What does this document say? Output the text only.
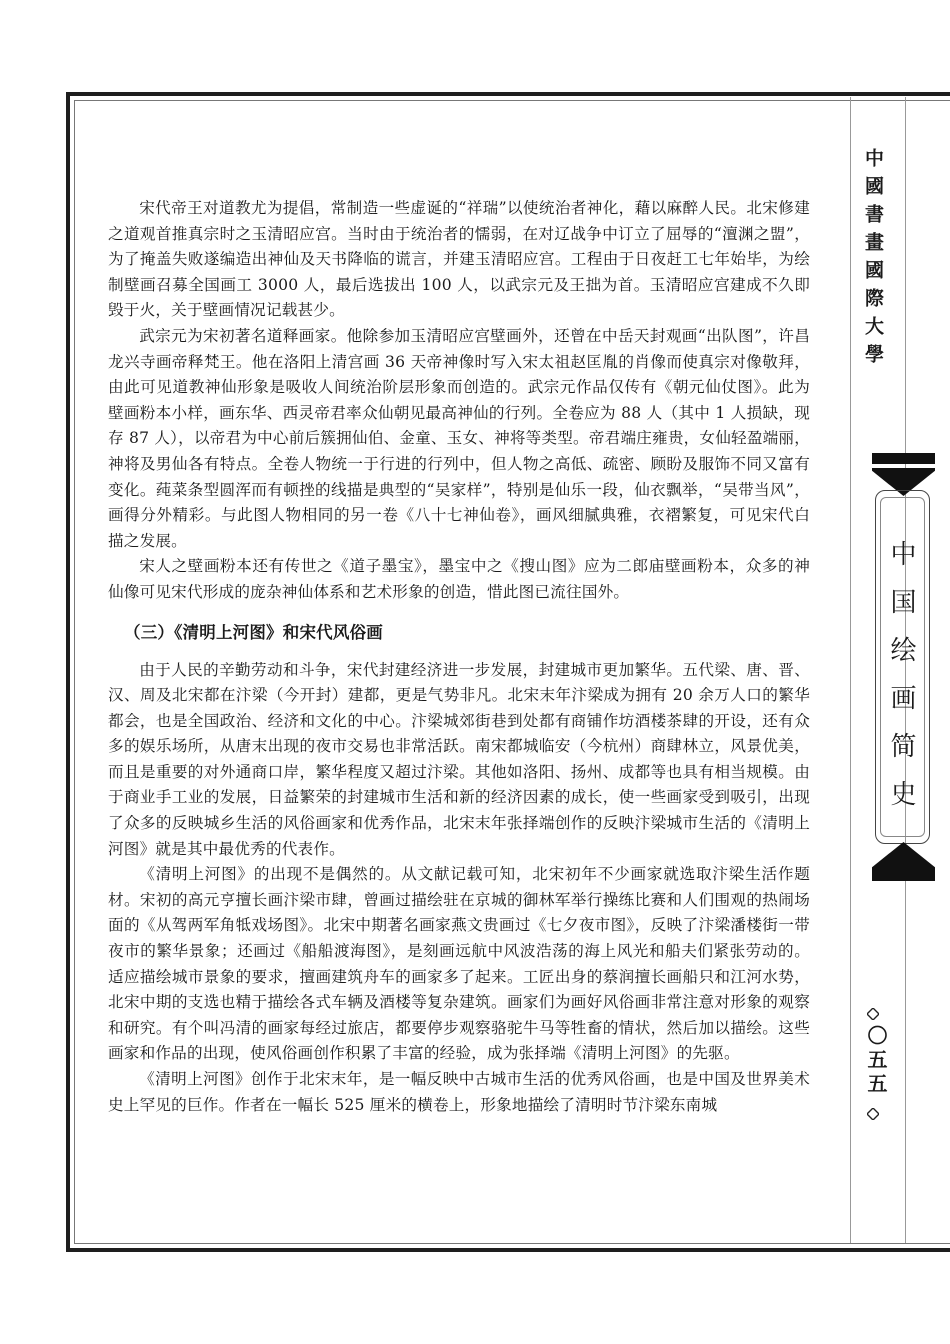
宋代帝王对道教尤为提倡，常制造一些虚诞的“祥瑞”以使统治者神化，藉以麻醉人民。北宋修建之道观首推真宗时之玉清昭应宫。当时由于统治者的懦弱，在对辽战争中订立了屈辱的“澶渊之盟”，为了掩盖失败遂编造出神仙及天书降临的谎言，并建玉清昭应宫。工程由于日夜赶工七年始毕，为绘制壁画召募全国画工 3000 人，最后选拔出 100 人，以武宗元及王拙为首。玉清昭应宫建成不久即毁于火，关于壁画情况记载甚少。

武宗元为宋初著名道释画家。他除参加玉清昭应宫壁画外，还曾在中岳天封观画“出队图”，许昌龙兴寺画帝释梵王。他在洛阳上清宫画 36 天帝神像时写入宋太祖赵匡胤的肖像而使真宗对像敬拜，由此可见道教神仙形象是吸收人间统治阶层形象而创造的。武宗元作品仅传有《朝元仙仗图》。此为壁画粉本小样，画东华、西灵帝君率众仙朝见最高神仙的行列。全卷应为 88 人（其中 1 人损缺，现存 87 人），以帝君为中心前后簇拥仙伯、金童、玉女、神将等类型。帝君端庄雍贵，女仙轻盈端丽，神将及男仙各有特点。全卷人物统一于行进的行列中，但人物之高低、疏密、顾盼及服饰不同又富有变化。莼菜条型圆浑而有顿挫的线描是典型的“吴家样”，特别是仙乐一段，仙衣飘举，“吴带当风”，画得分外精彩。与此图人物相同的另一卷《八十七神仙卷》，画风细腻典雅，衣褶繁复，可见宋代白描之发展。

宋人之壁画粉本还有传世之《道子墨宝》，墨宝中之《搜山图》应为二郎庙壁画粉本，众多的神仙像可见宋代形成的庞杂神仙体系和艺术形象的创造，惜此图已流往国外。

（三）《清明上河图》和宋代风俗画

由于人民的辛勤劳动和斗争，宋代封建经济进一步发展，封建城市更加繁华。五代梁、唐、晋、汉、周及北宋都在汴梁（今开封）建都，更是气势非凡。北宋末年汴梁成为拥有 20 余万人口的繁华都会，也是全国政治、经济和文化的中心。汴梁城郊街巷到处都有商铺作坊酒楼茶肆的开设，还有众多的娱乐场所，从唐末出现的夜市交易也非常活跃。南宋都城临安（今杭州）商肆林立，风景优美，而且是重要的对外通商口岸，繁华程度又超过汴梁。其他如洛阳、扬州、成都等也具有相当规模。由于商业手工业的发展，日益繁荣的封建城市生活和新的经济因素的成长，使一些画家受到吸引，出现了众多的反映城乡生活的风俗画家和优秀作品，北宋末年张择端创作的反映汴梁城市生活的《清明上河图》就是其中最优秀的代表作。

《清明上河图》的出现不是偶然的。从文献记载可知，北宋初年不少画家就选取汴梁生活作题材。宋初的高元亨擅长画汴梁市肆，曾画过描绘驻在京城的御林军举行操练比赛和人们围观的热闹场面的《从驾两军角牴戏场图》。北宋中期著名画家燕文贵画过《七夕夜市图》，反映了汴梁潘楼街一带夜市的繁华景象；还画过《船船渡海图》，是刻画远航中风波浩荡的海上风光和船夫们紧张劳动的。适应描绘城市景象的要求，擅画建筑舟车的画家多了起来。工匠出身的蔡润擅长画船只和江河水势，北宋中期的支选也精于描绘各式车辆及酒楼等复杂建筑。画家们为画好风俗画非常注意对形象的观察和研究。有个叫冯清的画家每经过旅店，都要停步观察骆驼牛马等牲畜的情状，然后加以描绘。这些画家和作品的出现，使风俗画创作积累了丰富的经验，成为张择端《清明上河图》的先驱。

《清明上河图》创作于北宋末年，是一幅反映中古城市生活的优秀风俗画，也是中国及世界美术史上罕见的巨作。作者在一幅长 525 厘米的横卷上，形象地描绘了清明时节汴梁东南城

中國書畫國際大學
中国绘画简史
〇五五
